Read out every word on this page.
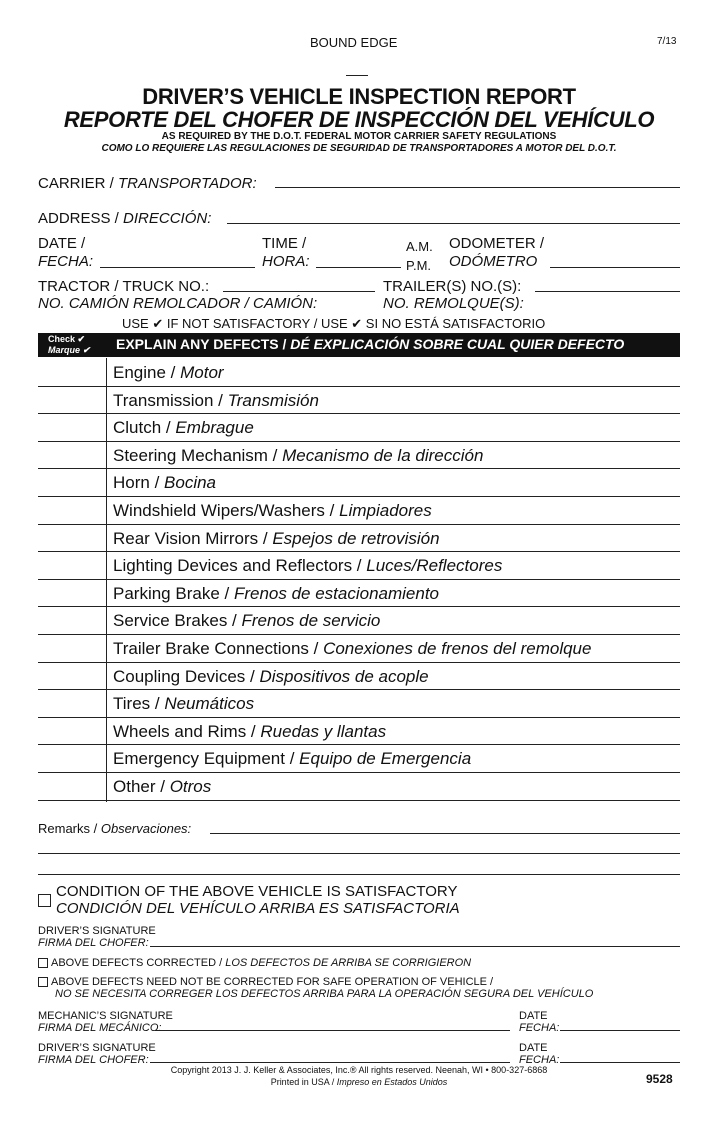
BOUND EDGE	7/13
DRIVER’S VEHICLE INSPECTION REPORT
REPORTE DEL CHOFER DE INSPECCIÓN DEL VEHÍCULO
AS REQUIRED BY THE D.O.T. FEDERAL MOTOR CARRIER SAFETY REGULATIONS
COMO LO REQUIERE LAS REGULACIONES DE SEGURIDAD DE TRANSPORTADORES A MOTOR DEL D.O.T.
CARRIER / TRANSPORTADOR:
ADDRESS / DIRECCIÓN:
DATE /
FECHA:
TIME /
HORA:
A.M.
P.M.
ODOMETER /
ODÓMETRO
TRACTOR / TRUCK NO.:
NO. CAMIÓN REMOLCADOR / CAMIÓN:
TRAILER(S) NO.(S):
NO. REMOLQUE(S):
USE ✔ IF NOT SATISFACTORY / USE ✔ SI NO ESTÁ SATISFACTORIO
Check ✔
Marque ✔ EXPLAIN ANY DEFECTS / DÉ EXPLICACIÓN SOBRE CUAL QUIER DEFECTO
Engine / Motor
Transmission / Transmisión
Clutch / Embrague
Steering Mechanism / Mecanismo de la dirección
Horn / Bocina
Windshield Wipers/Washers / Limpiadores
Rear Vision Mirrors / Espejos de retrovisión
Lighting Devices and Reflectors / Luces/Reflectores
Parking Brake / Frenos de estacionamiento
Service Brakes / Frenos de servicio
Trailer Brake Connections / Conexiones de frenos del remolque
Coupling Devices / Dispositivos de acople
Tires / Neumáticos
Wheels and Rims / Ruedas y llantas
Emergency Equipment / Equipo de Emergencia
Other / Otros
Remarks / Observaciones:
CONDITION OF THE ABOVE VEHICLE IS SATISFACTORY
CONDICIÓN DEL VEHÍCULO ARRIBA ES SATISFACTORIA
DRIVER’S SIGNATURE
FIRMA DEL CHOFER:
ABOVE DEFECTS CORRECTED / LOS DEFECTOS DE ARRIBA SE CORRIGIERON
ABOVE DEFECTS NEED NOT BE CORRECTED FOR SAFE OPERATION OF VEHICLE /
NO SE NECESITA CORREGER LOS DEFECTOS ARRIBA PARA LA OPERACIÓN SEGURA DEL VEHÍCULO
MECHANIC’S SIGNATURE
FIRMA DEL MECÁNICO:
DATE
FECHA:
DRIVER’S SIGNATURE
FIRMA DEL CHOFER:
DATE
FECHA:
Copyright 2013 J. J. Keller & Associates, Inc.® All rights reserved. Neenah, WI • 800-327-6868
Printed in USA / Impreso en Estados Unidos	9528
